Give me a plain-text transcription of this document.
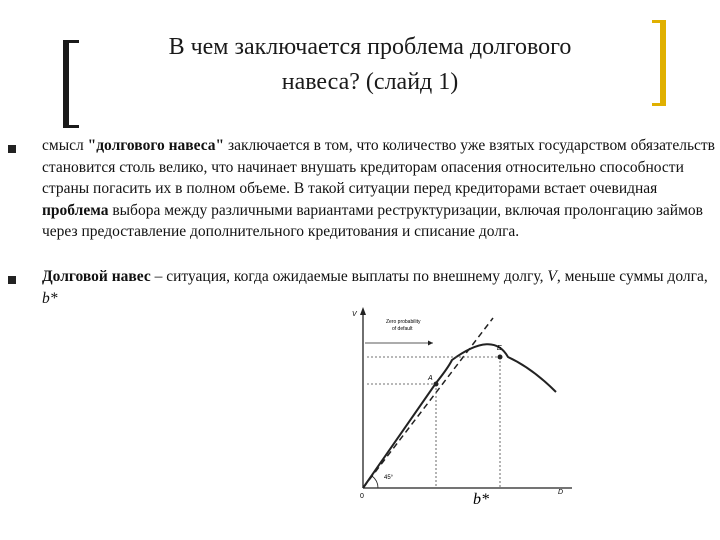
В чем заключается проблема долгового
навеса? (слайд 1)
смысл "долгового навеса" заключается в том, что количество уже взятых государством обязательств становится столь велико, что начинает внушать кредиторам опасения относительно способности страны погасить их в полном объеме. В такой ситуации перед кредиторами встает очевидная проблема выбора между различными вариантами реструктуризации, включая пролонгацию займов через предоставление дополнительного кредитования и списание долга.
Долговой навес – ситуация, когда ожидаемые выплаты по внешнему долгу, V, меньше суммы долга, b*
45°
Zero probability
of default
A
E
V
D
0	b*
